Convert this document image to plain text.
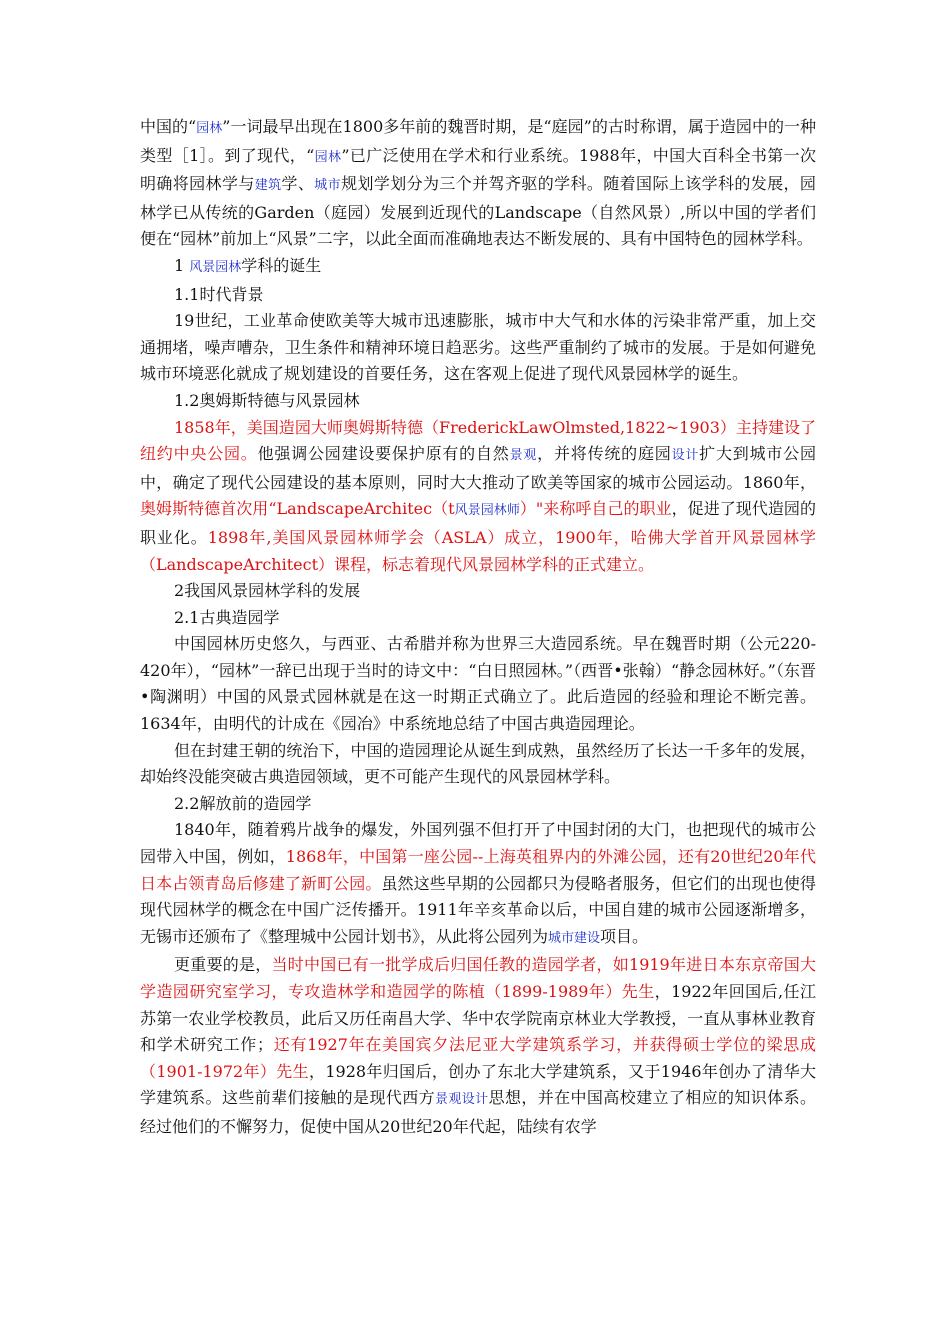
中国的“园林”一词最早出现在1800多年前的魏晋时期，是“庭园”的古时称谓，属于造园中的一种类型［1］。到了现代，“园林”已广泛使用在学术和行业系统。1988年，中国大百科全书第一次明确将园林学与建筑学、城市规划学划分为三个并驾齐驱的学科。随着国际上该学科的发展，园林学已从传统的Garden（庭园）发展到近现代的Landscape（自然风景）,所以中国的学者们便在“园林”前加上“风景”二字，以此全面而准确地表达不断发展的、具有中国特色的园林学科。

1 风景园林学科的诞生

1.1时代背景

19世纪，工业革命使欧美等大城市迅速膨胀，城市中大气和水体的污染非常严重，加上交通拥堵，噪声嘈杂，卫生条件和精神环境日趋恶劣。这些严重制约了城市的发展。于是如何避免城市环境恶化就成了规划建设的首要任务，这在客观上促进了现代风景园林学的诞生。

1.2奥姆斯特德与风景园林

1858年，美国造园大师奥姆斯特德（FrederickLawOlmsted,1822~1903）主持建设了纽约中央公园。他强调公园建设要保护原有的自然景观，并将传统的庭园设计扩大到城市公园中，确定了现代公园建设的基本原则，同时大大推动了欧美等国家的城市公园运动。1860年，奥姆斯特德首次用“LandscapeArchitec（t风景园林师）"来称呼自己的职业，促进了现代造园的职业化。1898年,美国风景园林师学会（ASLA）成立，1900年，哈佛大学首开风景园林学（LandscapeArchitect）课程，标志着现代风景园林学科的正式建立。

2我国风景园林学科的发展

2.1古典造园学

中国园林历史悠久，与西亚、古希腊并称为世界三大造园系统。早在魏晋时期（公元220-420年），“园林”一辞已出现于当时的诗文中：“白日照园林。”（西晋•张翰）“静念园林好。”（东晋•陶渊明）中国的风景式园林就是在这一时期正式确立了。此后造园的经验和理论不断完善。1634年，由明代的计成在《园冶》中系统地总结了中国古典造园理论。

但在封建王朝的统治下，中国的造园理论从诞生到成熟，虽然经历了长达一千多年的发展，却始终没能突破古典造园领域，更不可能产生现代的风景园林学科。

2.2解放前的造园学

1840年，随着鸦片战争的爆发，外国列强不但打开了中国封闭的大门，也把现代的城市公园带入中国，例如，1868年，中国第一座公园--上海英租界内的外滩公园，还有20世纪20年代日本占领青岛后修建了新町公园。虽然这些早期的公园都只为侵略者服务，但它们的出现也使得现代园林学的概念在中国广泛传播开。1911年辛亥革命以后，中国自建的城市公园逐渐增多，无锡市还颁布了《整理城中公园计划书》，从此将公园列为城市建设项目。

更重要的是，当时中国已有一批学成后归国任教的造园学者，如1919年进日本东京帝国大学造园研究室学习，专攻造林学和造园学的陈植（1899-1989年）先生，1922年回国后,任江苏第一农业学校教员，此后又历任南昌大学、华中农学院南京林业大学教授，一直从事林业教育和学术研究工作；还有1927年在美国宾夕法尼亚大学建筑系学习，并获得硕士学位的梁思成（1901-1972年）先生，1928年归国后，创办了东北大学建筑系，又于1946年创办了清华大学建筑系。这些前辈们接触的是现代西方景观设计思想，并在中国高校建立了相应的知识体系。经过他们的不懈努力，促使中国从20世纪20年代起，陆续有农学
